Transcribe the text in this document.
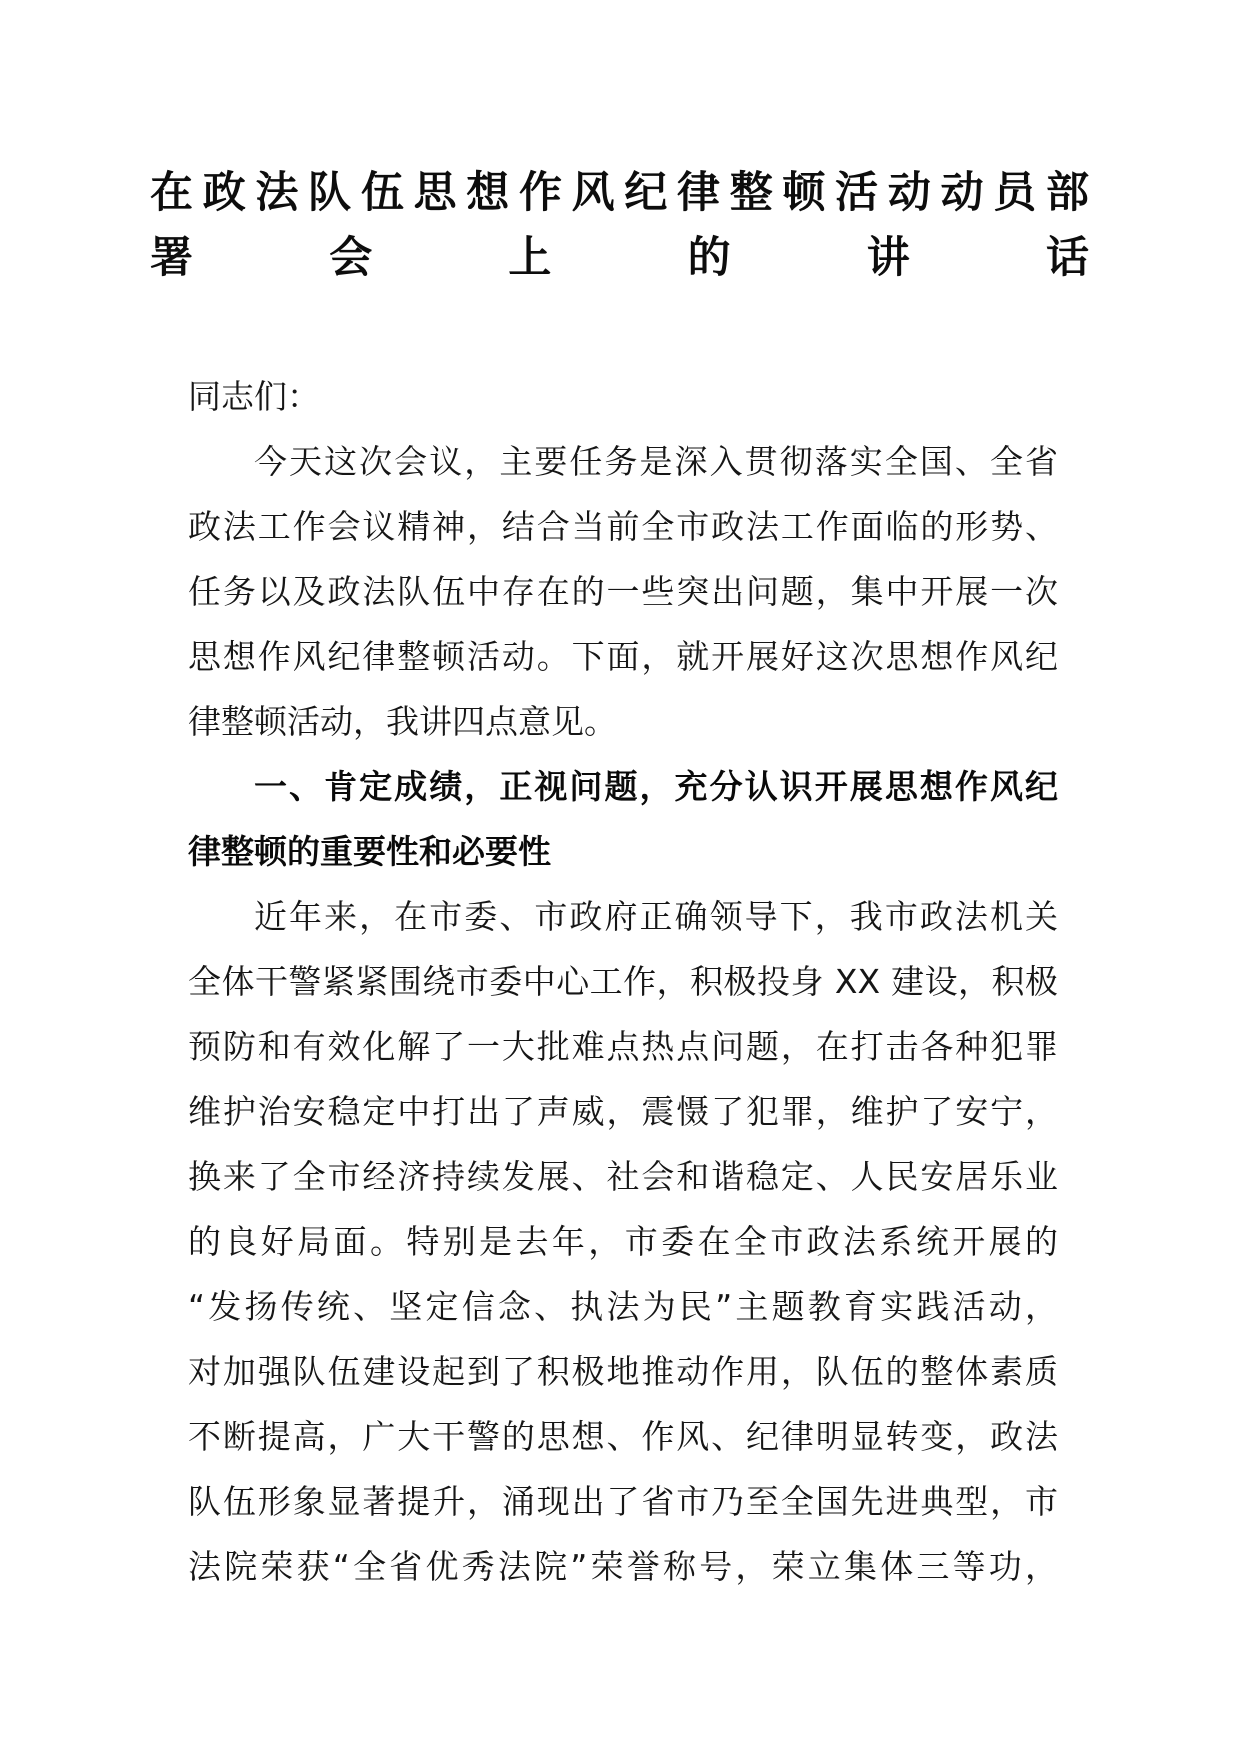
在政法队伍思想作风纪律整顿活动动员部
署会上的讲话
同志们：
今天这次会议，主要任务是深入贯彻落实全国、全省
政法工作会议精神，结合当前全市政法工作面临的形势、
任务以及政法队伍中存在的一些突出问题，集中开展一次
思想作风纪律整顿活动。下面，就开展好这次思想作风纪
律整顿活动，我讲四点意见。
一、肯定成绩，正视问题，充分认识开展思想作风纪
律整顿的重要性和必要性
近年来，在市委、市政府正确领导下，我市政法机关
全体干警紧紧围绕市委中心工作，积极投身 XX 建设，积极
预防和有效化解了一大批难点热点问题，在打击各种犯罪
维护治安稳定中打出了声威，震慑了犯罪，维护了安宁，
换来了全市经济持续发展、社会和谐稳定、人民安居乐业
的良好局面。特别是去年，市委在全市政法系统开展的
“发扬传统、坚定信念、执法为民”主题教育实践活动，
对加强队伍建设起到了积极地推动作用，队伍的整体素质
不断提高，广大干警的思想、作风、纪律明显转变，政法
队伍形象显著提升，涌现出了省市乃至全国先进典型，市
法院荣获“全省优秀法院”荣誉称号，荣立集体三等功，
